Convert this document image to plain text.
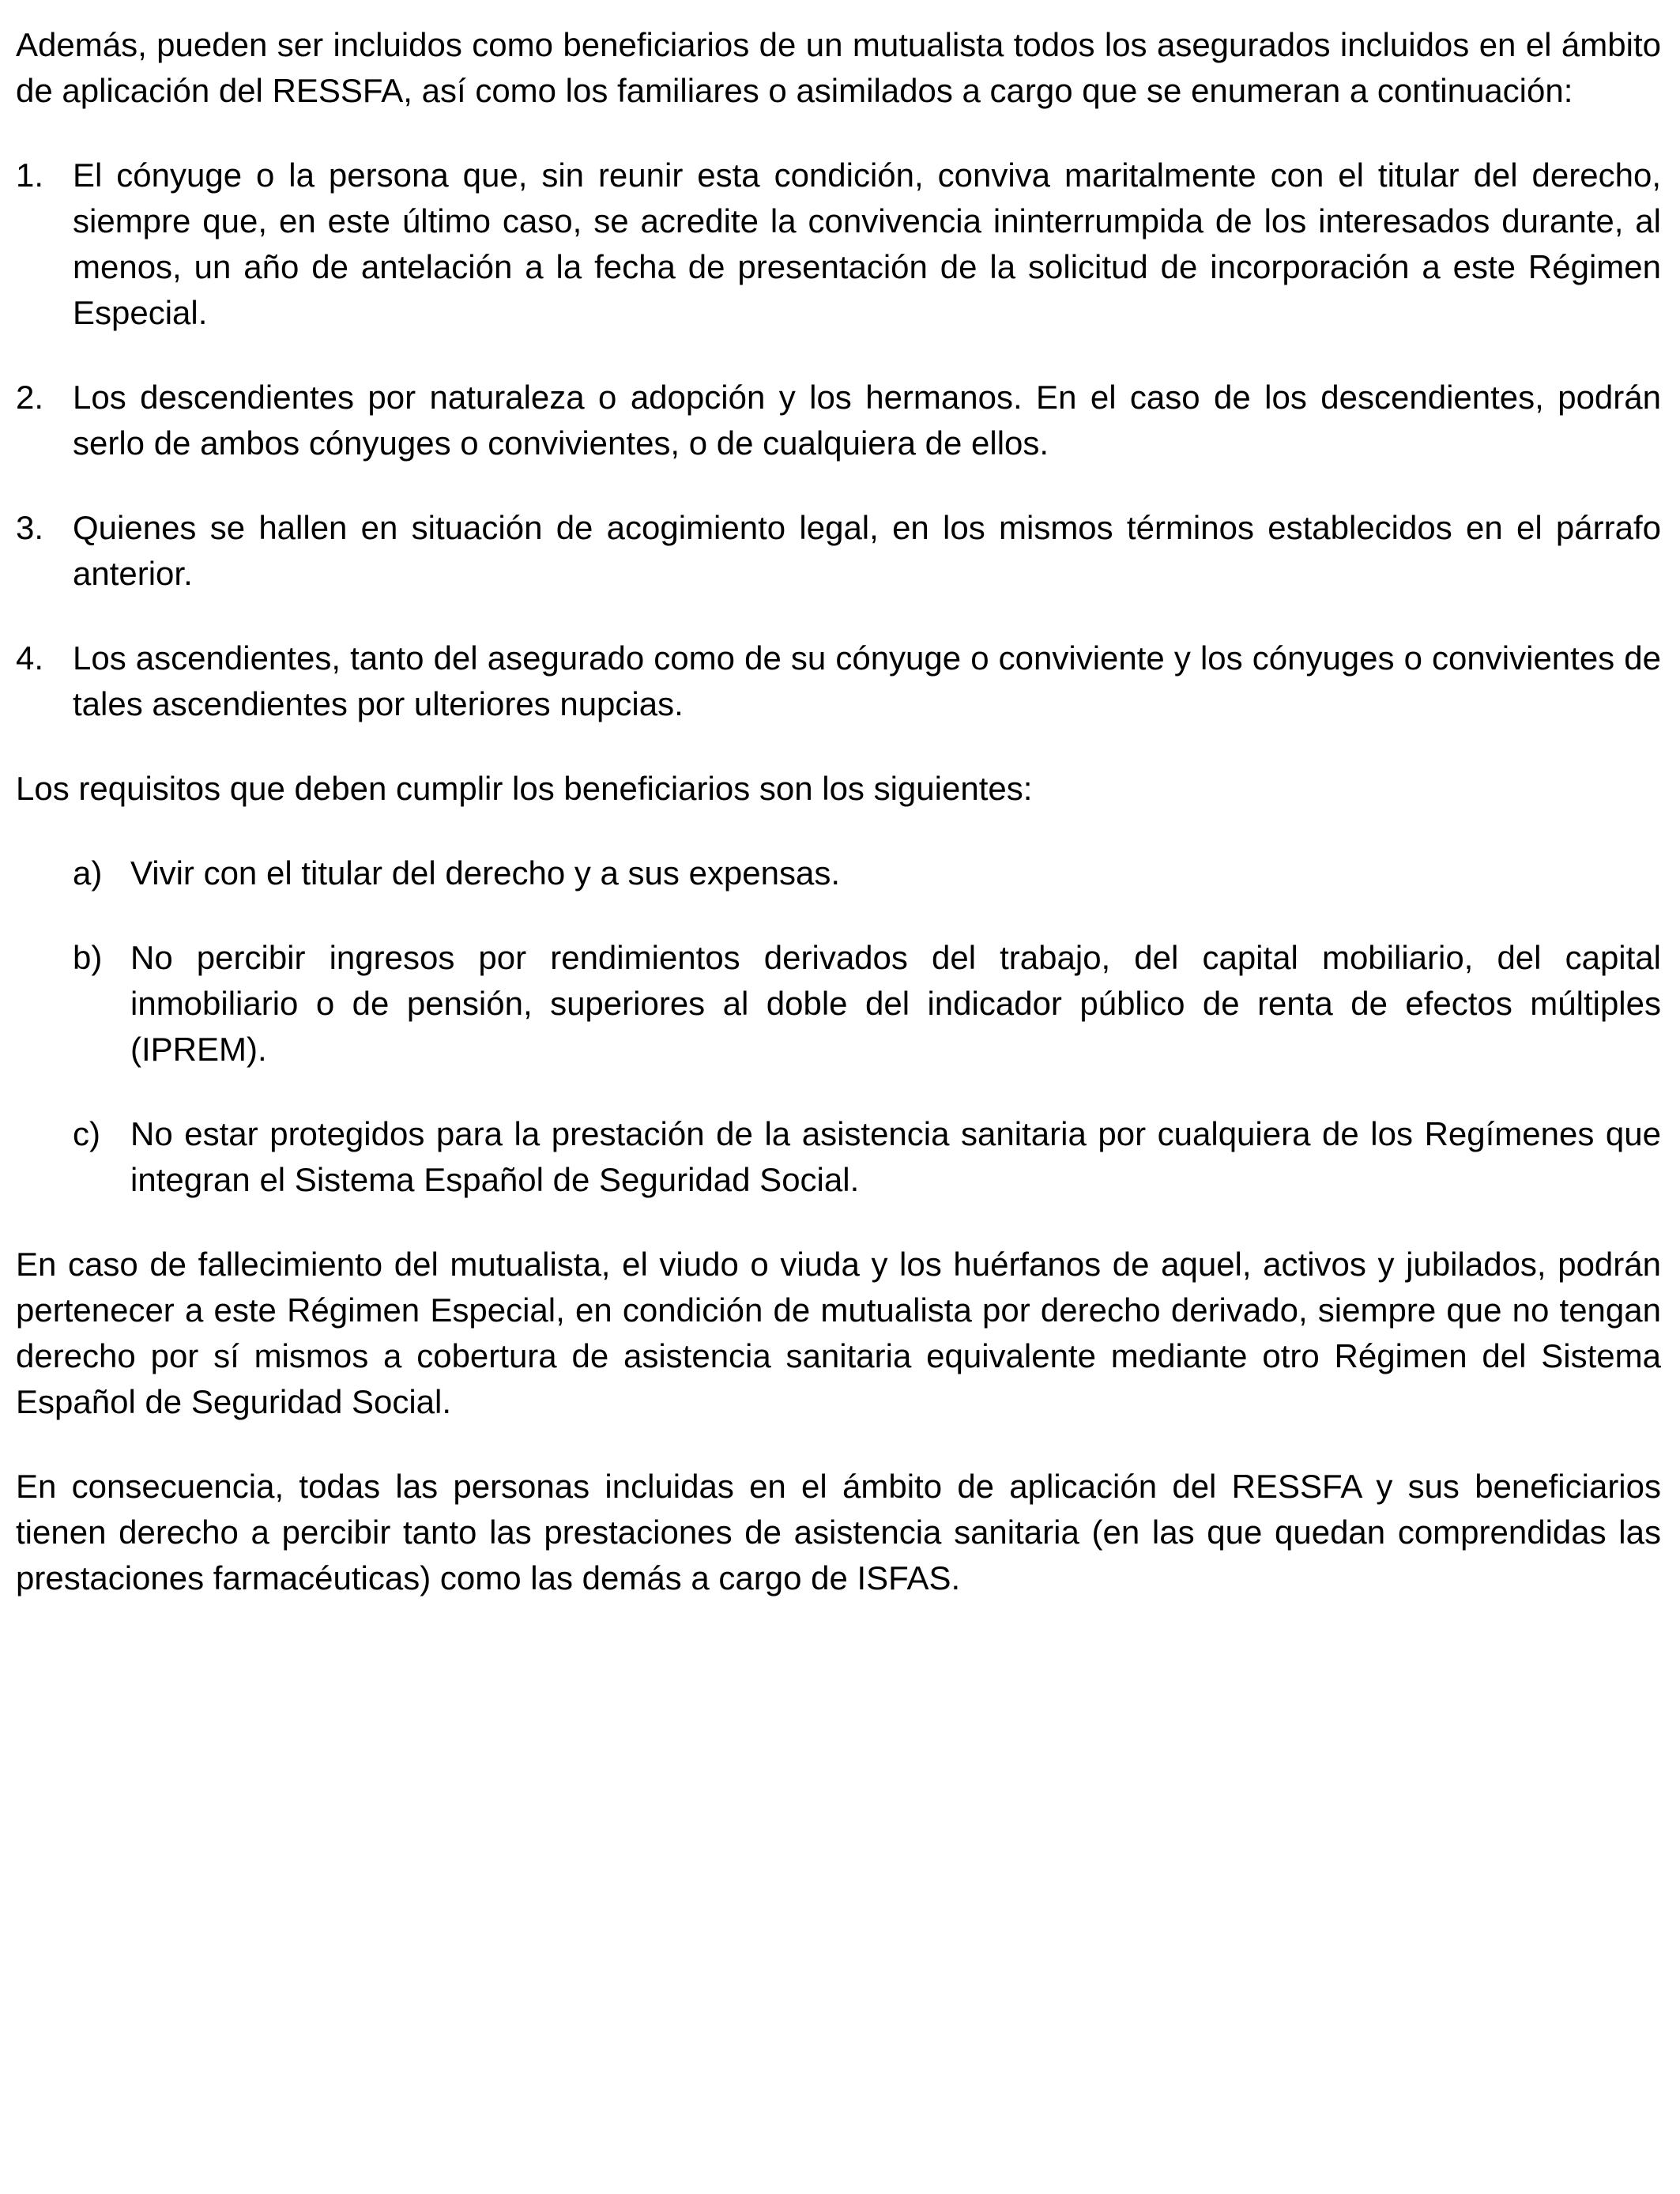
Además, pueden ser incluidos como beneficiarios de un mutualista todos los asegurados incluidos en el ámbito de aplicación del RESSFA, así como los familiares o asimilados a cargo que se enumeran a continuación:

1. El cónyuge o la persona que, sin reunir esta condición, conviva maritalmente con el titular del derecho, siempre que, en este último caso, se acredite la convivencia ininterrumpida de los interesados durante, al menos, un año de antelación a la fecha de presentación de la solicitud de incorporación a este Régimen Especial.
2. Los descendientes por naturaleza o adopción y los hermanos. En el caso de los descendientes, podrán serlo de ambos cónyuges o convivientes, o de cualquiera de ellos.
3. Quienes se hallen en situación de acogimiento legal, en los mismos términos establecidos en el párrafo anterior.
4. Los ascendientes, tanto del asegurado como de su cónyuge o conviviente y los cónyuges o convivientes de tales ascendientes por ulteriores nupcias.

Los requisitos que deben cumplir los beneficiarios son los siguientes:

a) Vivir con el titular del derecho y a sus expensas.
b) No percibir ingresos por rendimientos derivados del trabajo, del capital mobiliario, del capital inmobiliario o de pensión, superiores al doble del indicador público de renta de efectos múltiples (IPREM).
c) No estar protegidos para la prestación de la asistencia sanitaria por cualquiera de los Regímenes que integran el Sistema Español de Seguridad Social.

En caso de fallecimiento del mutualista, el viudo o viuda y los huérfanos de aquel, activos y jubilados, podrán pertenecer a este Régimen Especial, en condición de mutualista por derecho derivado, siempre que no tengan derecho por sí mismos a cobertura de asistencia sanitaria equivalente mediante otro Régimen del Sistema Español de Seguridad Social.

En consecuencia, todas las personas incluidas en el ámbito de aplicación del RESSFA y sus beneficiarios tienen derecho a percibir tanto las prestaciones de asistencia sanitaria (en las que quedan comprendidas las prestaciones farmacéuticas) como las demás a cargo de ISFAS.
